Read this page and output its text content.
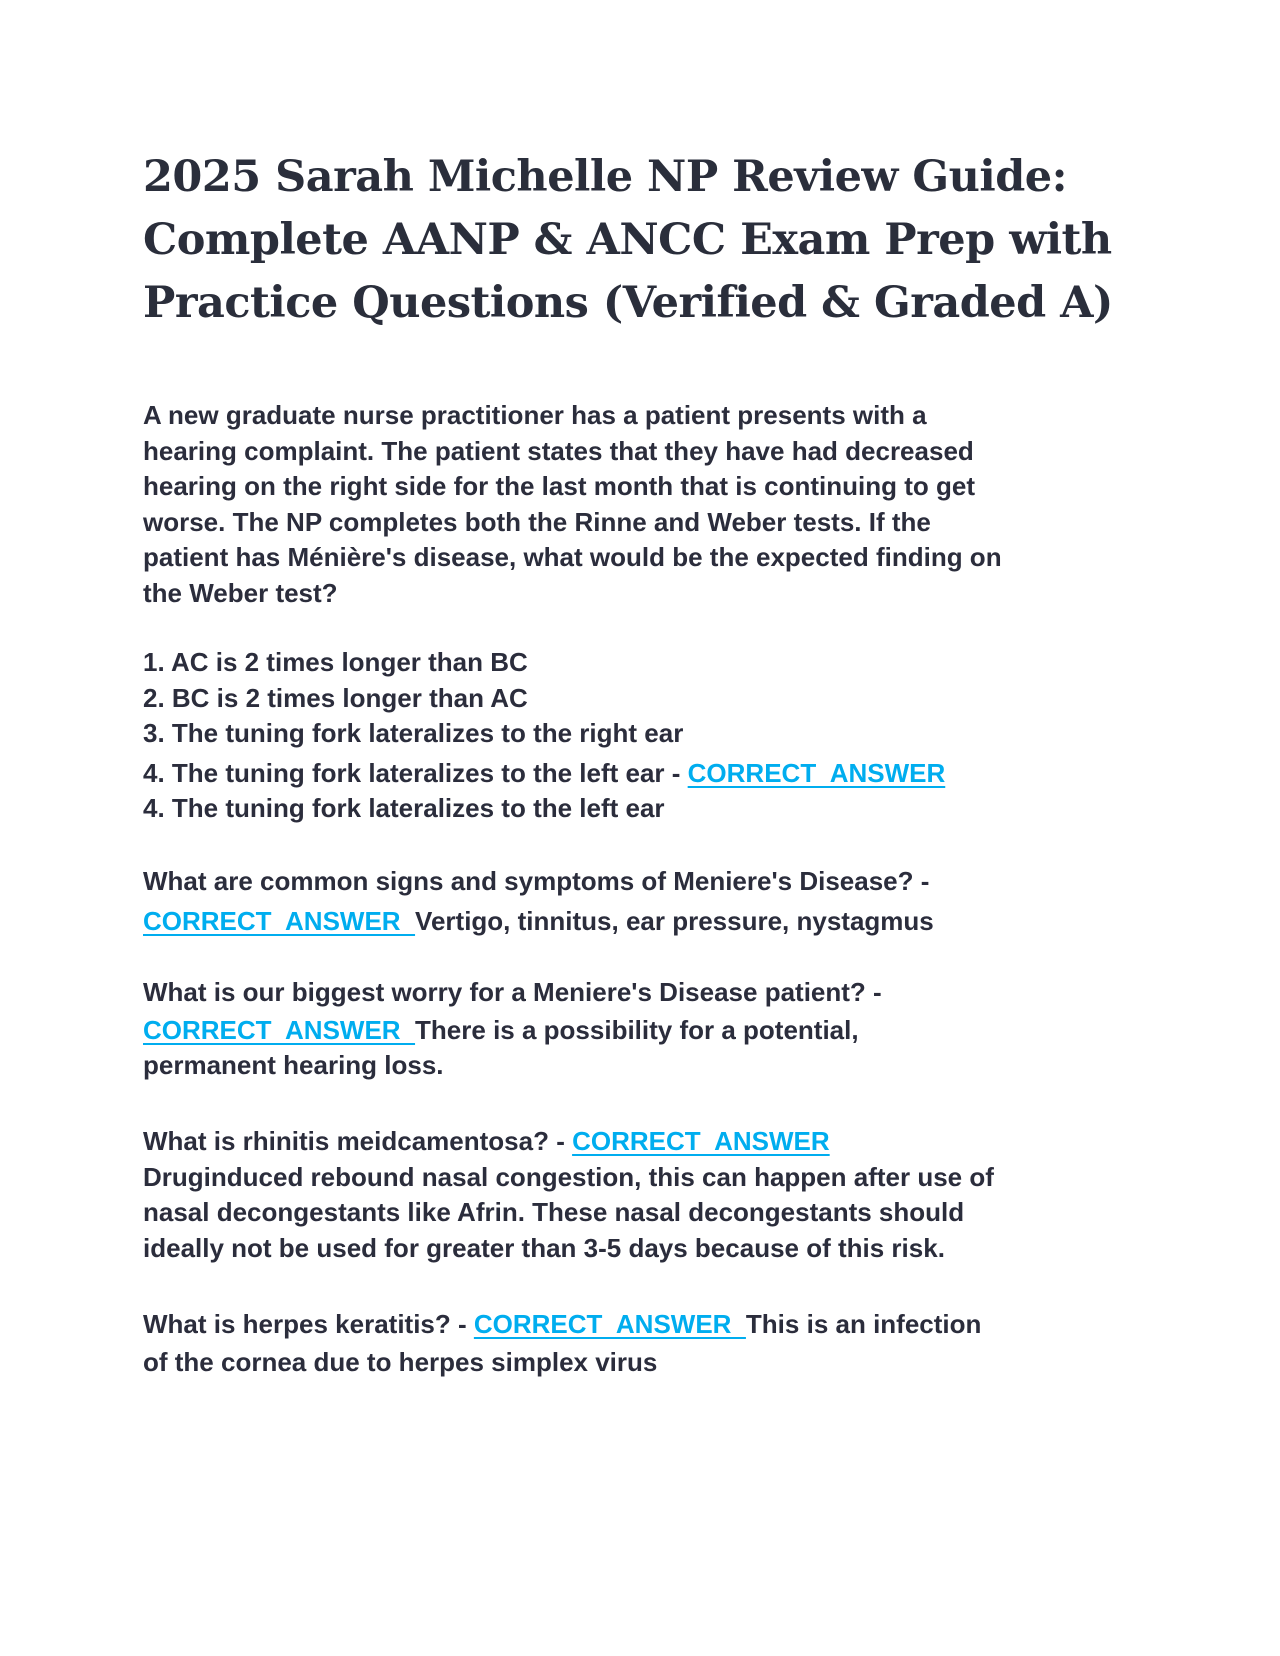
2025 Sarah Michelle NP Review Guide:
Complete AANP & ANCC Exam Prep with
Practice Questions (Verified & Graded A)
A new graduate nurse practitioner has a patient presents with a
hearing complaint. The patient states that they have had decreased
hearing on the right side for the last month that is continuing to get
worse. The NP completes both the Rinne and Weber tests. If the
patient has Ménière's disease, what would be the expected finding on
the Weber test?
1. AC is 2 times longer than BC
2. BC is 2 times longer than AC
3. The tuning fork lateralizes to the right ear
4. The tuning fork lateralizes to the left ear - CORRECT  ANSWER
4. The tuning fork lateralizes to the left ear
What are common signs and symptoms of Meniere's Disease? -
CORRECT  ANSWER  Vertigo, tinnitus, ear pressure, nystagmus
What is our biggest worry for a Meniere's Disease patient? -
CORRECT  ANSWER  There is a possibility for a potential,
permanent hearing loss.
What is rhinitis meidcamentosa? - CORRECT  ANSWER
Druginduced rebound nasal congestion, this can happen after use of
nasal decongestants like Afrin. These nasal decongestants should
ideally not be used for greater than 3-5 days because of this risk.
What is herpes keratitis? - CORRECT  ANSWER  This is an infection
of the cornea due to herpes simplex virus
